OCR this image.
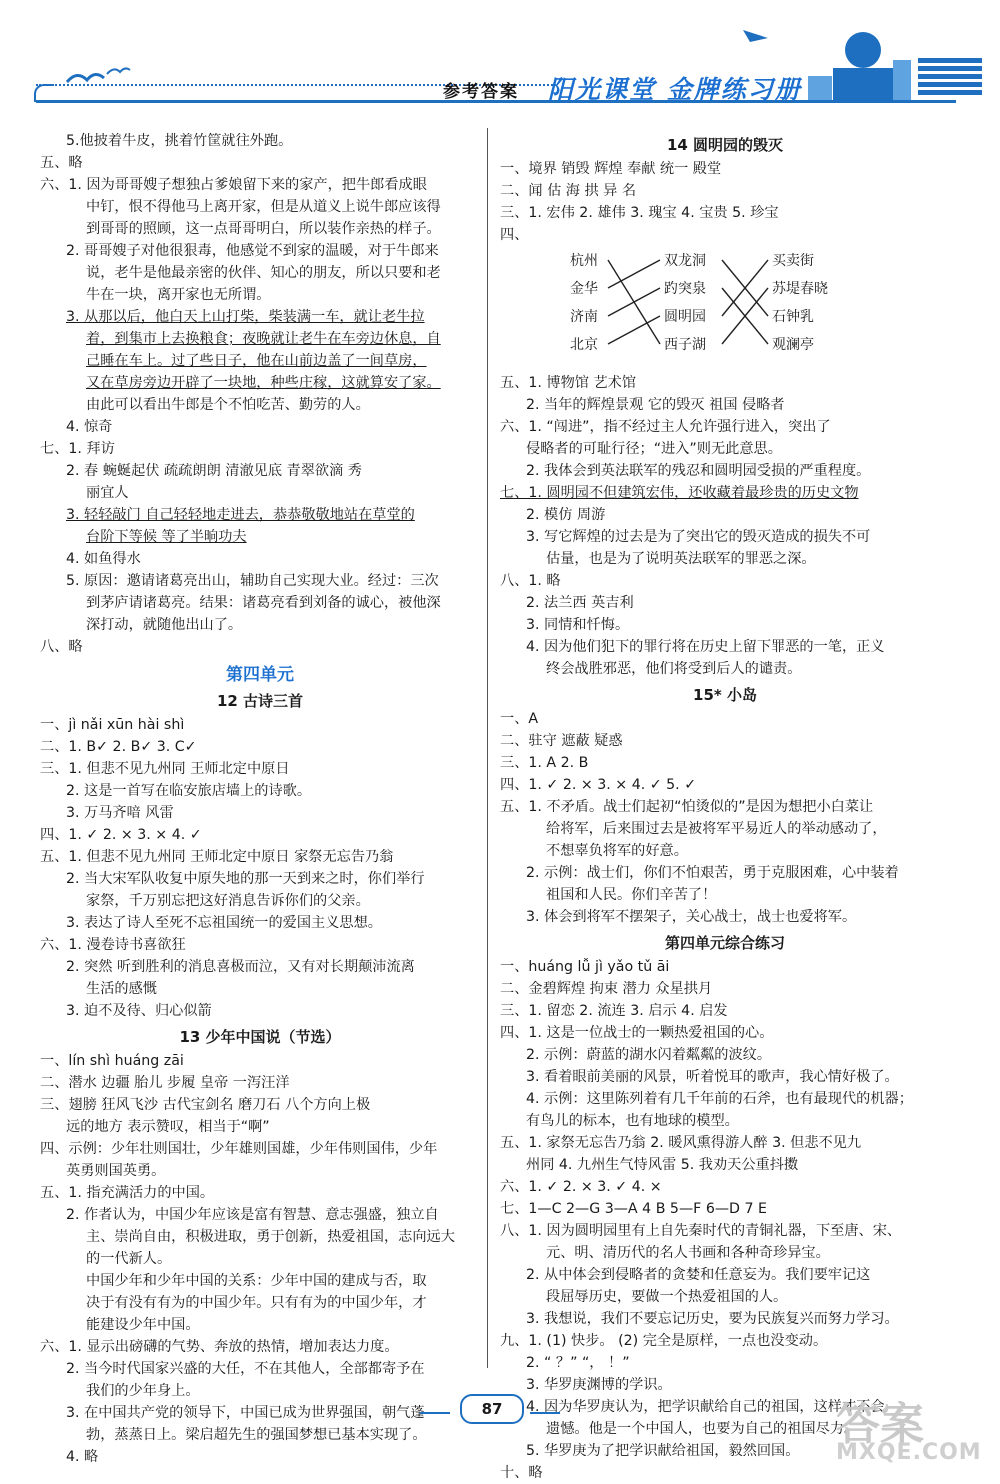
参考答案 阳光课堂 金牌练习册
5.他披着牛皮，挑着竹筐就往外跑。
五、略
六、1. 因为哥哥嫂子想独占爹娘留下来的家产，把牛郎看成眼
中钉，恨不得他马上离开家，但是从道义上说牛郎应该得
到哥哥的照顾，这一点哥哥明白，所以装作亲热的样子。
2. 哥哥嫂子对他很狠毒，他感觉不到家的温暖，对于牛郎来
说，老牛是他最亲密的伙伴、知心的朋友，所以只要和老
牛在一块，离开家也无所谓。
3. 从那以后，他白天上山打柴，柴装满一车，就让老牛拉
着，到集市上去换粮食；夜晚就让老牛在车旁边休息，自
己睡在车上。过了些日子，他在山前边盖了一间草房，
又在草房旁边开辟了一块地，种些庄稼，这就算安了家。
由此可以看出牛郎是个不怕吃苦、勤劳的人。
4. 惊奇
七、1. 拜访
2. 春 蜿蜒起伏 疏疏朗朗 清澈见底 青翠欲滴 秀
丽宜人
3. 轻轻敲门 自己轻轻地走进去，恭恭敬敬地站在草堂的
台阶下等候 等了半晌功夫
4. 如鱼得水
5. 原因：邀请诸葛亮出山，辅助自己实现大业。经过：三次
到茅庐请诸葛亮。结果：诸葛亮看到刘备的诚心，被他深
深打动，就随他出山了。
八、略
第四单元
12 古诗三首
一、jì nǎi xūn hài shì
二、1. B✓ 2. B✓ 3. C✓
三、1. 但悲不见九州同 王师北定中原日
2. 这是一首写在临安旅店墙上的诗歌。
3. 万马齐喑 风雷
四、1. ✓ 2. × 3. × 4. ✓
五、1. 但悲不见九州同 王师北定中原日 家祭无忘告乃翁
2. 当大宋军队收复中原失地的那一天到来之时，你们举行
家祭，千万别忘把这好消息告诉你们的父亲。
3. 表达了诗人至死不忘祖国统一的爱国主义思想。
六、1. 漫卷诗书喜欲狂
2. 突然 听到胜利的消息喜极而泣，又有对长期颠沛流离
生活的感慨
3. 迫不及待、归心似箭
13 少年中国说（节选）
一、lín shì huáng zāi
二、潜水 边疆 胎儿 步履 皇帝 一泻汪洋
三、翅膀 狂风飞沙 古代宝剑名 磨刀石 八个方向上极
远的地方 表示赞叹，相当于“啊”
四、示例：少年壮则国壮，少年雄则国雄，少年伟则国伟，少年
英勇则国英勇。
五、1. 指充满活力的中国。
2. 作者认为，中国少年应该是富有智慧、意志强盛，独立自
主、崇尚自由，积极进取，勇于创新，热爱祖国，志向远大
的一代新人。
中国少年和少年中国的关系：少年中国的建成与否，取
决于有没有有为的中国少年。只有有为的中国少年，才
能建设少年中国。
六、1. 显示出磅礴的气势、奔放的热情，增加表达力度。
2. 当今时代国家兴盛的大任，不在其他人，全部都寄予在
我们的少年身上。
3. 在中国共产党的领导下，中国已成为世界强国，朝气蓬
勃，蒸蒸日上。梁启超先生的强国梦想已基本实现了。
4. 略
14 圆明园的毁灭
一、境界 销毁 辉煌 奉献 统一 殿堂
二、闻 估 海 拱 异 名
三、1. 宏伟 2. 雄伟 3. 瑰宝 4. 宝贵 5. 珍宝
四、
杭州
金华
济南
北京
双龙洞
趵突泉
圆明园
西子湖
买卖街
苏堤春晓
石钟乳
观澜亭
五、1. 博物馆 艺术馆
2. 当年的辉煌景观 它的毁灭 祖国 侵略者
六、1. “闯进”，指不经过主人允许强行进入，突出了
侵略者的可耻行径；“进入”则无此意思。
2. 我体会到英法联军的残忍和圆明园受损的严重程度。
七、1. 圆明园不但建筑宏伟，还收藏着最珍贵的历史文物
2. 模仿 周游
3. 写它辉煌的过去是为了突出它的毁灭造成的损失不可
估量，也是为了说明英法联军的罪恶之深。
八、1. 略
2. 法兰西 英吉利
3. 同情和忏悔。
4. 因为他们犯下的罪行将在历史上留下罪恶的一笔，正义
终会战胜邪恶，他们将受到后人的谴责。
15* 小岛
一、A
二、驻守 遮蔽 疑惑
三、1. A 2. B
四、1. ✓ 2. × 3. × 4. ✓ 5. ✓
五、1. 不矛盾。战士们起初“怕烫似的”是因为想把小白菜让
给将军，后来围过去是被将军平易近人的举动感动了，
不想辜负将军的好意。
2. 示例：战士们，你们不怕艰苦，勇于克服困难，心中装着
祖国和人民。你们辛苦了！
3. 体会到将军不摆架子，关心战士，战士也爱将军。
第四单元综合练习
一、huáng lǚ jì yǎo tǔ āi
二、金碧辉煌 拘束 潜力 众星拱月
三、1. 留恋 2. 流连 3. 启示 4. 启发
四、1. 这是一位战士的一颗热爱祖国的心。
2. 示例：蔚蓝的湖水闪着粼粼的波纹。
3. 看着眼前美丽的风景，听着悦耳的歌声，我心情好极了。
4. 示例：这里陈列着有几千年前的石斧，也有最现代的机器；
有鸟儿的标本，也有地球的模型。
五、1. 家祭无忘告乃翁 2. 暖风熏得游人醉 3. 但悲不见九
州同 4. 九州生气恃风雷 5. 我劝天公重抖擞
六、1. ✓ 2. × 3. ✓ 4. ×
七、1—C 2—G 3—A 4 B 5—F 6—D 7 E
八、1. 因为圆明园里有上自先秦时代的青铜礼器，下至唐、宋、
元、明、清历代的名人书画和各种奇珍异宝。
2. 从中体会到侵略者的贪婪和任意妄为。我们要牢记这
段屈辱历史，要做一个热爱祖国的人。
3. 我想说，我们不要忘记历史，要为民族复兴而努力学习。
九、1. (1) 快步。 (2) 完全是原样，一点也没变动。
2. “ ？” “， ！”
3. 华罗庚渊博的学识。
4. 因为华罗庚认为，把学识献给自己的祖国，这样才不会
遗憾。他是一个中国人，也要为自己的祖国尽力。
5. 华罗庚为了把学识献给祖国，毅然回国。
十、略
87	答案
MXQE.COM
